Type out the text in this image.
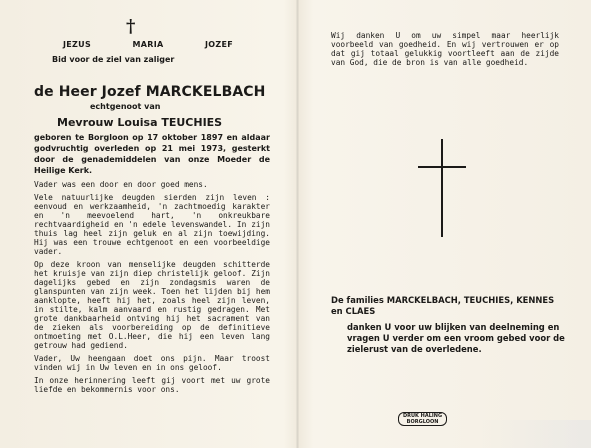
†
JEZUS	MARIA	JOZEF
Bid voor de ziel van zaliger
de Heer Jozef MARCKELBACH
echtgenoot van
Mevrouw Louisa TEUCHIES
geboren te Borgloon op 17 oktober 1897 en aldaar godvruchtig overleden op 21 mei 1973, gesterkt door de genademiddelen van onze Moeder de Heilige Kerk.

Vader was een door en door goed mens.

Vele natuurlijke deugden sierden zijn leven : eenvoud en werkzaamheid, 'n zachtmoedig karakter en 'n meevoelend hart, 'n onkreukbare rechtvaardigheid en 'n edele levenswandel. In zijn thuis lag heel zijn geluk en al zijn toewijding. Hij was een trouwe echtgenoot en een voorbeeldige vader.

Op deze kroon van menselijke deugden schitterde het kruisje van zijn diep christelijk geloof. Zijn dagelijks gebed en zijn zondagsmis waren de glanspunten van zijn week. Toen het lijden bij hem aanklopte, heeft hij het, zoals heel zijn leven, in stilte, kalm aanvaard en rustig gedragen. Met grote dankbaarheid ontving hij het sacrament van de zieken als voorbereiding op de definitieve ontmoeting met O.L.Heer, die hij een leven lang getrouw had gediend.

Vader, Uw heengaan doet ons pijn. Maar troost vinden wij in Uw leven en in ons geloof.

In onze herinnering leeft gij voort met uw grote liefde en bekommernis voor ons.

Wij danken U om uw simpel maar heerlijk voorbeeld van goedheid. En wij vertrouwen er op dat gij totaal gelukkig voortleeft aan de zijde van God, die de bron is van alle goedheid.
De families MARCKELBACH, TEUCHIES, KENNES en CLAES
danken U voor uw blijken van deelneming en vragen U verder om een vroom gebed voor de zielerust van de overledene.
DRUK HALING
BORGLOON
